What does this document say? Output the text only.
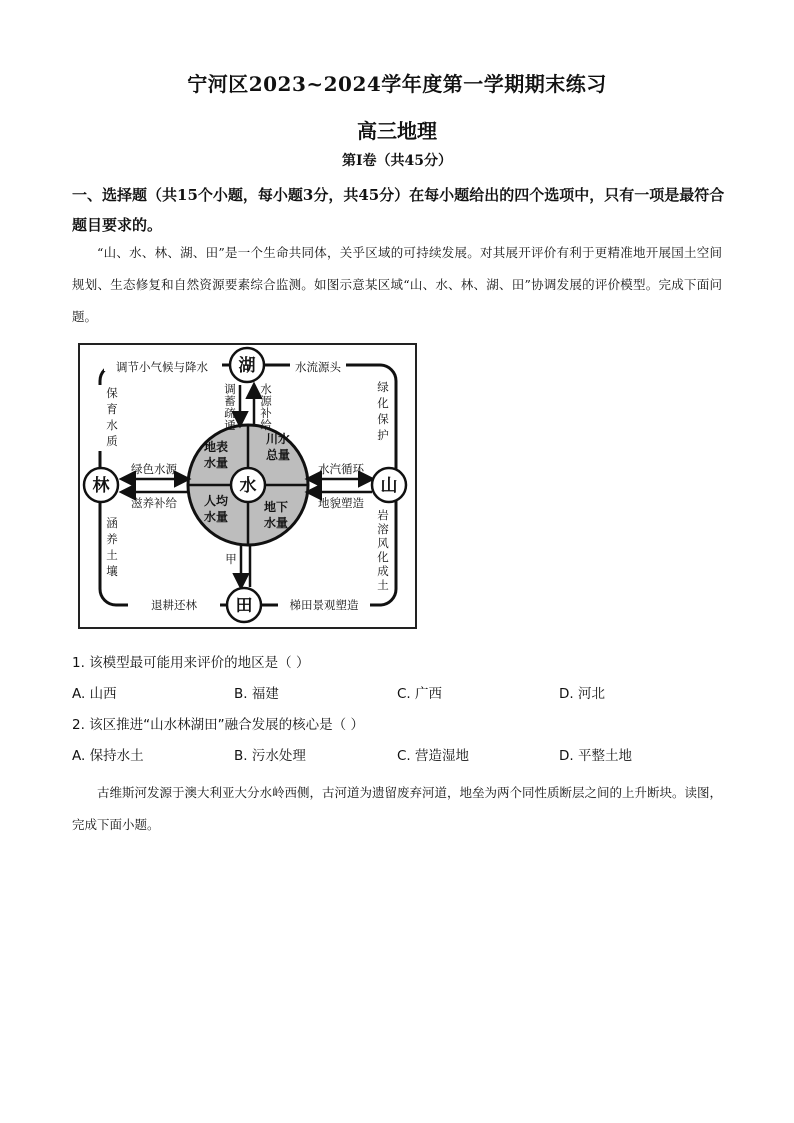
宁河区2023~2024学年度第一学期期末练习
高三地理
第I卷（共45分）
一、选择题（共15个小题，每小题3分，共45分）在每小题给出的四个选项中，只有一项是最符合题目要求的。
“山、水、林、湖、田”是一个生命共同体，关乎区域的可持续发展。对其展开评价有利于更精准地开展国土空间规划、生态修复和自然资源要素综合监测。如图示意某区域“山、水、林、湖、田”协调发展的评价模型。完成下面问题。
水
地表
水量
川水
总量
人均
水量
地下
水量
调
蓄
疏
通
水
源
补
给
绿色水源
滋养补给
水汽循环
地貌塑造
甲
调节小气候与降水	水流源头
保
育
水
质
涵
养
土
壤
绿
化
保
护
岩
溶
风
化
成
土
退耕还林	梯田景观塑造
湖
林	山
田
1. 该模型最可能用来评价的地区是（ ）
A. 山西	B. 福建	C. 广西	D. 河北
2. 该区推进“山水林湖田”融合发展的核心是（ ）
A. 保持水土	B. 污水处理	C. 营造湿地	D. 平整土地
古维斯河发源于澳大利亚大分水岭西侧，古河道为遗留废弃河道，地垒为两个同性质断层之间的上升断块。读图，完成下面小题。
